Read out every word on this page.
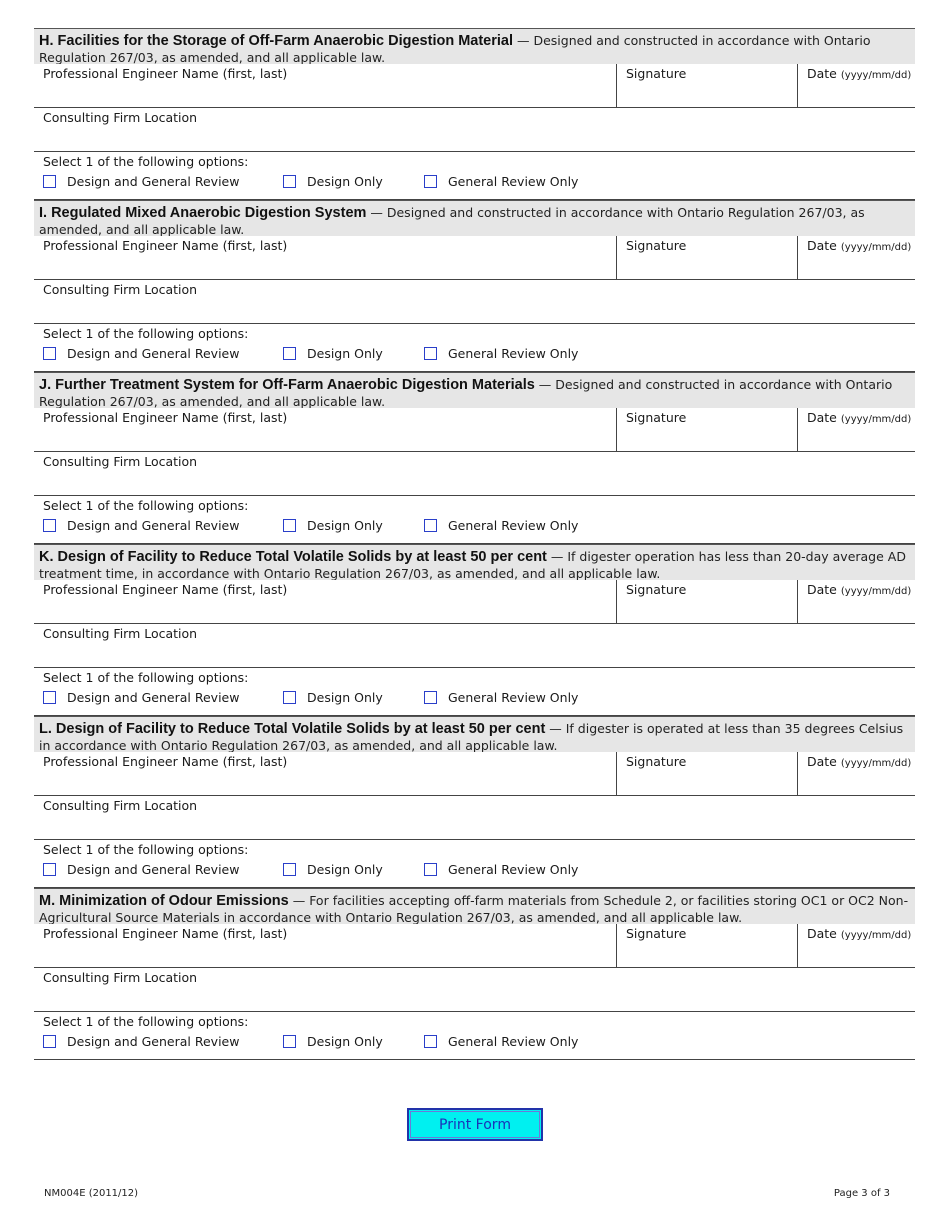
H. Facilities for the Storage of Off-Farm Anaerobic Digestion Material — Designed and constructed in accordance with Ontario Regulation 267/03, as amended, and all applicable law.
Professional Engineer Name (first, last)	Signature	Date (yyyy/mm/dd)
Consulting Firm Location
Select 1 of the following options:
Design and General Review	Design Only	General Review Only
I. Regulated Mixed Anaerobic Digestion System — Designed and constructed in accordance with Ontario Regulation 267/03, as amended, and all applicable law.
Professional Engineer Name (first, last)	Signature	Date (yyyy/mm/dd)
Consulting Firm Location
Select 1 of the following options:
Design and General Review	Design Only	General Review Only
J. Further Treatment System for Off-Farm Anaerobic Digestion Materials — Designed and constructed in accordance with Ontario Regulation 267/03, as amended, and all applicable law.
Professional Engineer Name (first, last)	Signature	Date (yyyy/mm/dd)
Consulting Firm Location
Select 1 of the following options:
Design and General Review	Design Only	General Review Only
K. Design of Facility to Reduce Total Volatile Solids by at least 50 per cent — If digester operation has less than 20-day average AD treatment time, in accordance with Ontario Regulation 267/03, as amended, and all applicable law.
Professional Engineer Name (first, last)	Signature	Date (yyyy/mm/dd)
Consulting Firm Location
Select 1 of the following options:
Design and General Review	Design Only	General Review Only
L. Design of Facility to Reduce Total Volatile Solids by at least 50 per cent — If digester is operated at less than 35 degrees Celsius in accordance with Ontario Regulation 267/03, as amended, and all applicable law.
Professional Engineer Name (first, last)	Signature	Date (yyyy/mm/dd)
Consulting Firm Location
Select 1 of the following options:
Design and General Review	Design Only	General Review Only
M. Minimization of Odour Emissions — For facilities accepting off-farm materials from Schedule 2, or facilities storing OC1 or OC2 Non-Agricultural Source Materials in accordance with Ontario Regulation 267/03, as amended, and all applicable law.
Professional Engineer Name (first, last)	Signature	Date (yyyy/mm/dd)
Consulting Firm Location
Select 1 of the following options:
Design and General Review	Design Only	General Review Only
Print Form
NM004E (2011/12)	Page 3 of 3
